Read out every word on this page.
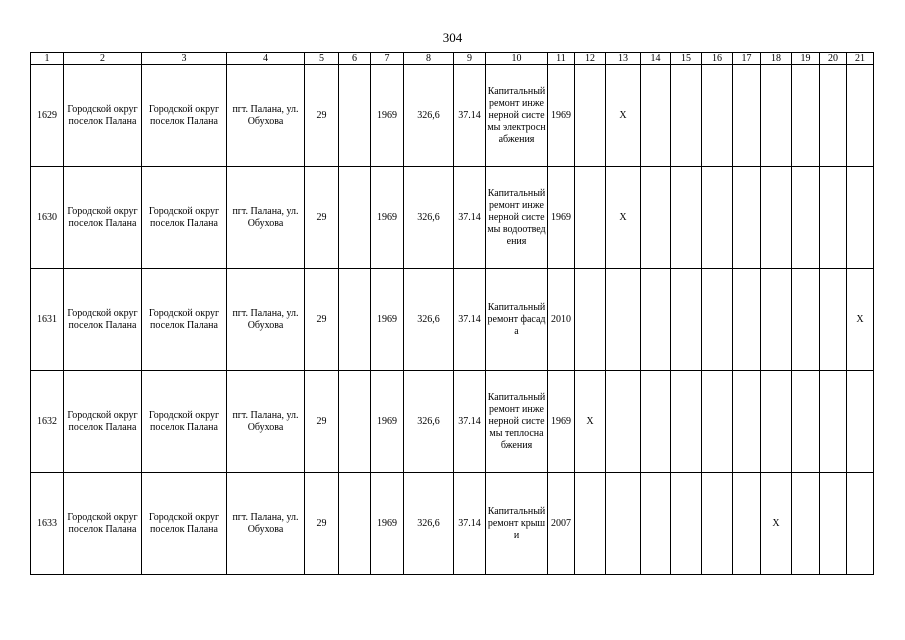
304
1	2	3	4	5	6	7	8	9	10	11	12	13	14	15	16	17	18	19	20	21
1629	Городской округ поселок Палана	Городской округ поселок Палана	пгт. Палана, ул. Обухова	29		1969	326,6	37.14	Капитальный ремонт инженерной системы электроснабжения	1969		X								
1630	Городской округ поселок Палана	Городской округ поселок Палана	пгт. Палана, ул. Обухова	29		1969	326,6	37.14	Капитальный ремонт инженерной системы водоотведения	1969		X								
1631	Городской округ поселок Палана	Городской округ поселок Палана	пгт. Палана, ул. Обухова	29		1969	326,6	37.14	Капитальный ремонт фасада	2010										X
1632	Городской округ поселок Палана	Городской округ поселок Палана	пгт. Палана, ул. Обухова	29		1969	326,6	37.14	Капитальный ремонт инженерной системы теплоснабжения	1969	X									
1633	Городской округ поселок Палана	Городской округ поселок Палана	пгт. Палана, ул. Обухова	29		1969	326,6	37.14	Капитальный ремонт крыши	2007							X			
